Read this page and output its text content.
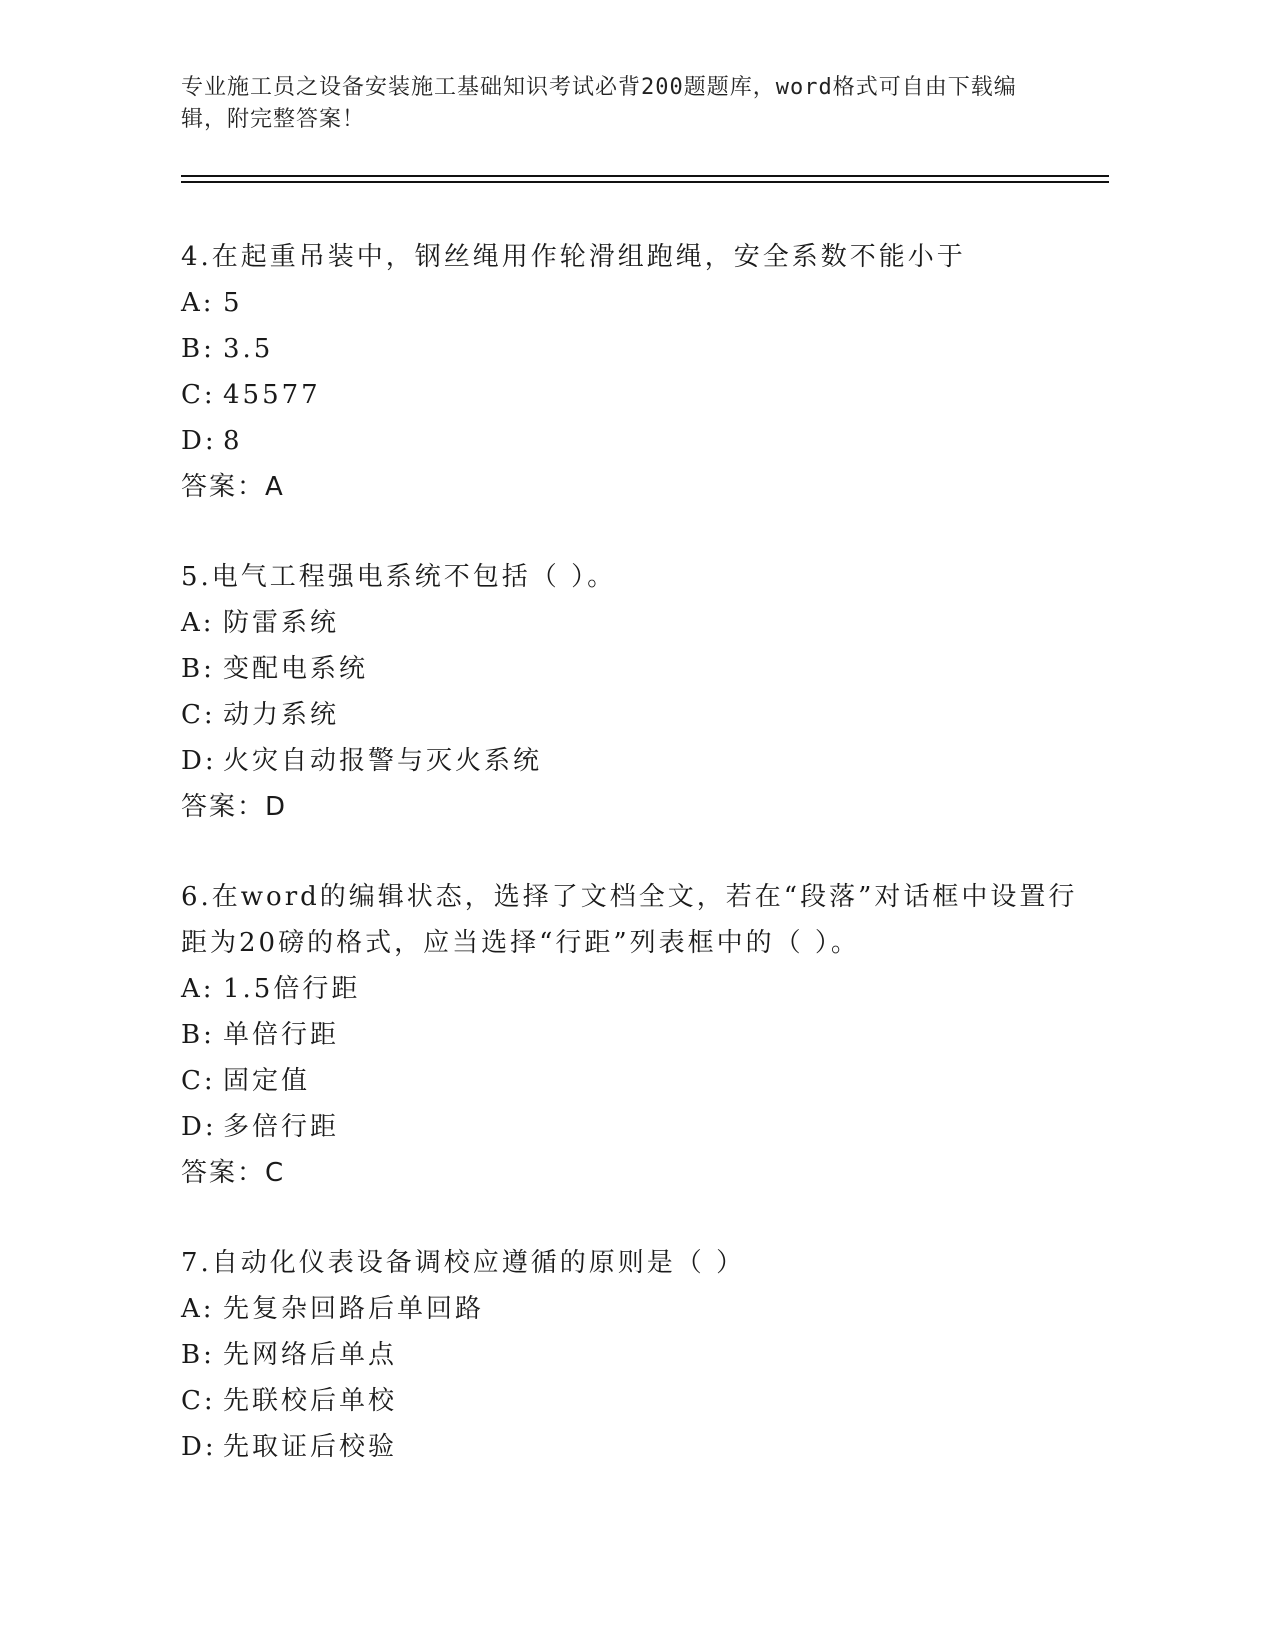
专业施工员之设备安装施工基础知识考试必背200题题库，word格式可自由下载编辑，附完整答案！

4.在起重吊装中，钢丝绳用作轮滑组跑绳，安全系数不能小于

A: 5

B: 3.5

C: 45577

D: 8

答案：A

5.电气工程强电系统不包括（ ）。

A: 防雷系统

B: 变配电系统

C: 动力系统

D: 火灾自动报警与灭火系统

答案：D

6.在word的编辑状态，选择了文档全文，若在“段落”对话框中设置行距为20磅的格式，应当选择“行距”列表框中的（ ）。

A: 1.5倍行距

B: 单倍行距

C: 固定值

D: 多倍行距

答案：C

7.自动化仪表设备调校应遵循的原则是（ ）

A: 先复杂回路后单回路

B: 先网络后单点

C: 先联校后单校

D: 先取证后校验
